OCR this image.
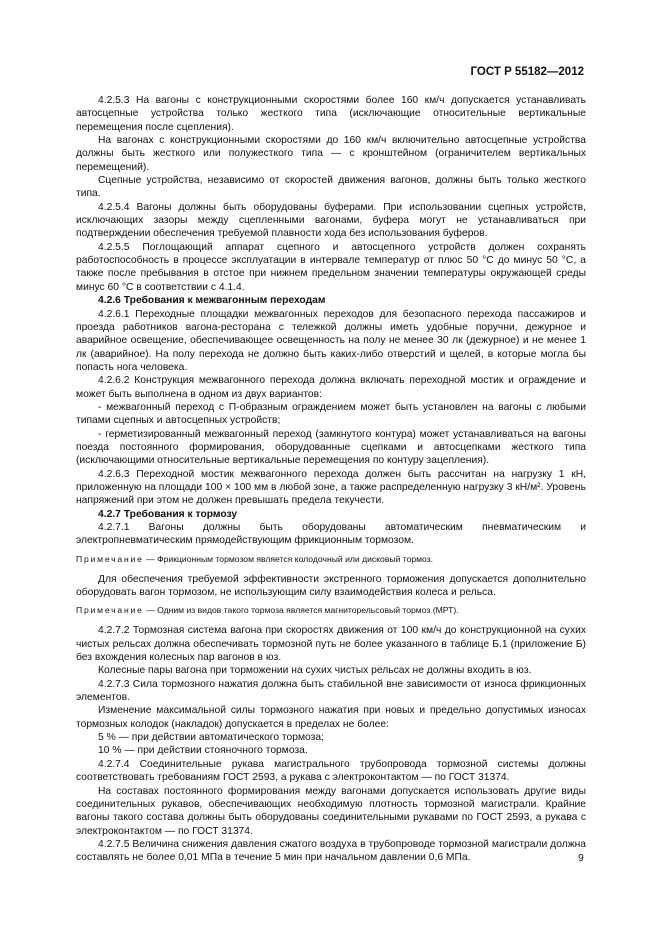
ГОСТ Р 55182—2012

4.2.5.3 На вагоны с конструкционными скоростями более 160 км/ч допускается устанавливать автосцепные устройства только жесткого типа (исключающие относительные вертикальные перемещения после сцепления).

На вагонах с конструкционными скоростями до 160 км/ч включительно автосцепные устройства должны быть жесткого или полужесткого типа — с кронштейном (ограничителем вертикальных перемещений).

Сцепные устройства, независимо от скоростей движения вагонов, должны быть только жесткого типа.

4.2.5.4 Вагоны должны быть оборудованы буферами. При использовании сцепных устройств, исключающих зазоры между сцепленными вагонами, буфера могут не устанавливаться при подтверждении обеспечения требуемой плавности хода без использования буферов.

4.2.5.5 Поглощающий аппарат сцепного и автосцепного устройств должен сохранять работоспособность в процессе эксплуатации в интервале температур от плюс 50 °С до минус 50 °С, а также после пребывания в отстое при нижнем предельном значении температуры окружающей среды минус 60 °С в соответствии с 4.1.4.

4.2.6 Требования к межвагонным переходам

4.2.6.1 Переходные площадки межвагонных переходов для безопасного перехода пассажиров и проезда работников вагона-ресторана с тележкой должны иметь удобные поручни, дежурное и аварийное освещение, обеспечивающее освещенность на полу не менее 30 лк (дежурное) и не менее 1 лк (аварийное). На полу перехода не должно быть каких-либо отверстий и щелей, в которые могла бы попасть нога человека.

4.2.6.2 Конструкция межвагонного перехода должна включать переходной мостик и ограждение и может быть выполнена в одном из двух вариантов:

- межвагонный переход с П-образным ограждением может быть установлен на вагоны с любыми типами сцепных и автосцепных устройств;

- герметизированный межвагонный переход (замкнутого контура) может устанавливаться на вагоны поезда постоянного формирования, оборудованные сцепками и автосцепками жесткого типа (исключающими относительные вертикальные перемещения по контуру зацепления).

4.2.6.3 Переходной мостик межвагонного перехода должен быть рассчитан на нагрузку 1 кН, приложенную на площади 100 × 100 мм в любой зоне, а также распределенную нагрузку 3 кН/м². Уровень напряжений при этом не должен превышать предела текучести.

4.2.7 Требования к тормозу

4.2.7.1 Вагоны должны быть оборудованы автоматическим пневматическим и электропневматическим прямодействующим фрикционным тормозом.

Примечание — Фрикционным тормозом является колодочный или дисковый тормоз.

Для обеспечения требуемой эффективности экстренного торможения допускается дополнительно оборудовать вагон тормозом, не использующим силу взаимодействия колеса и рельса.

Примечание — Одним из видов такого тормоза является магниторельсовый тормоз (МРТ).

4.2.7.2 Тормозная система вагона при скоростях движения от 100 км/ч до конструкционной на сухих чистых рельсах должна обеспечивать тормозной путь не более указанного в таблице Б.1 (приложение Б) без вхождения колесных пар вагонов в юз.

Колесные пары вагона при торможении на сухих чистых рельсах не должны входить в юз.

4.2.7.3 Сила тормозного нажатия должна быть стабильной вне зависимости от износа фрикционных элементов.

Изменение максимальной силы тормозного нажатия при новых и предельно допустимых износах тормозных колодок (накладок) допускается в пределах не более:

5 % — при действии автоматического тормоза;

10 % — при действии стояночного тормоза.

4.2.7.4 Соединительные рукава магистрального трубопровода тормозной системы должны соответствовать требованиям ГОСТ 2593, а рукава с электроконтактом — по ГОСТ 31374.

На составах постоянного формирования между вагонами допускается использовать другие виды соединительных рукавов, обеспечивающих необходимую плотность тормозной магистрали. Крайние вагоны такого состава должны быть оборудованы соединительными рукавами по ГОСТ 2593, а рукава с электроконтактом — по ГОСТ 31374.

4.2.7.5 Величина снижения давления сжатого воздуха в трубопроводе тормозной магистрали должна составлять не более 0,01 МПа в течение 5 мин при начальном давлении 0,6 МПа.	9
